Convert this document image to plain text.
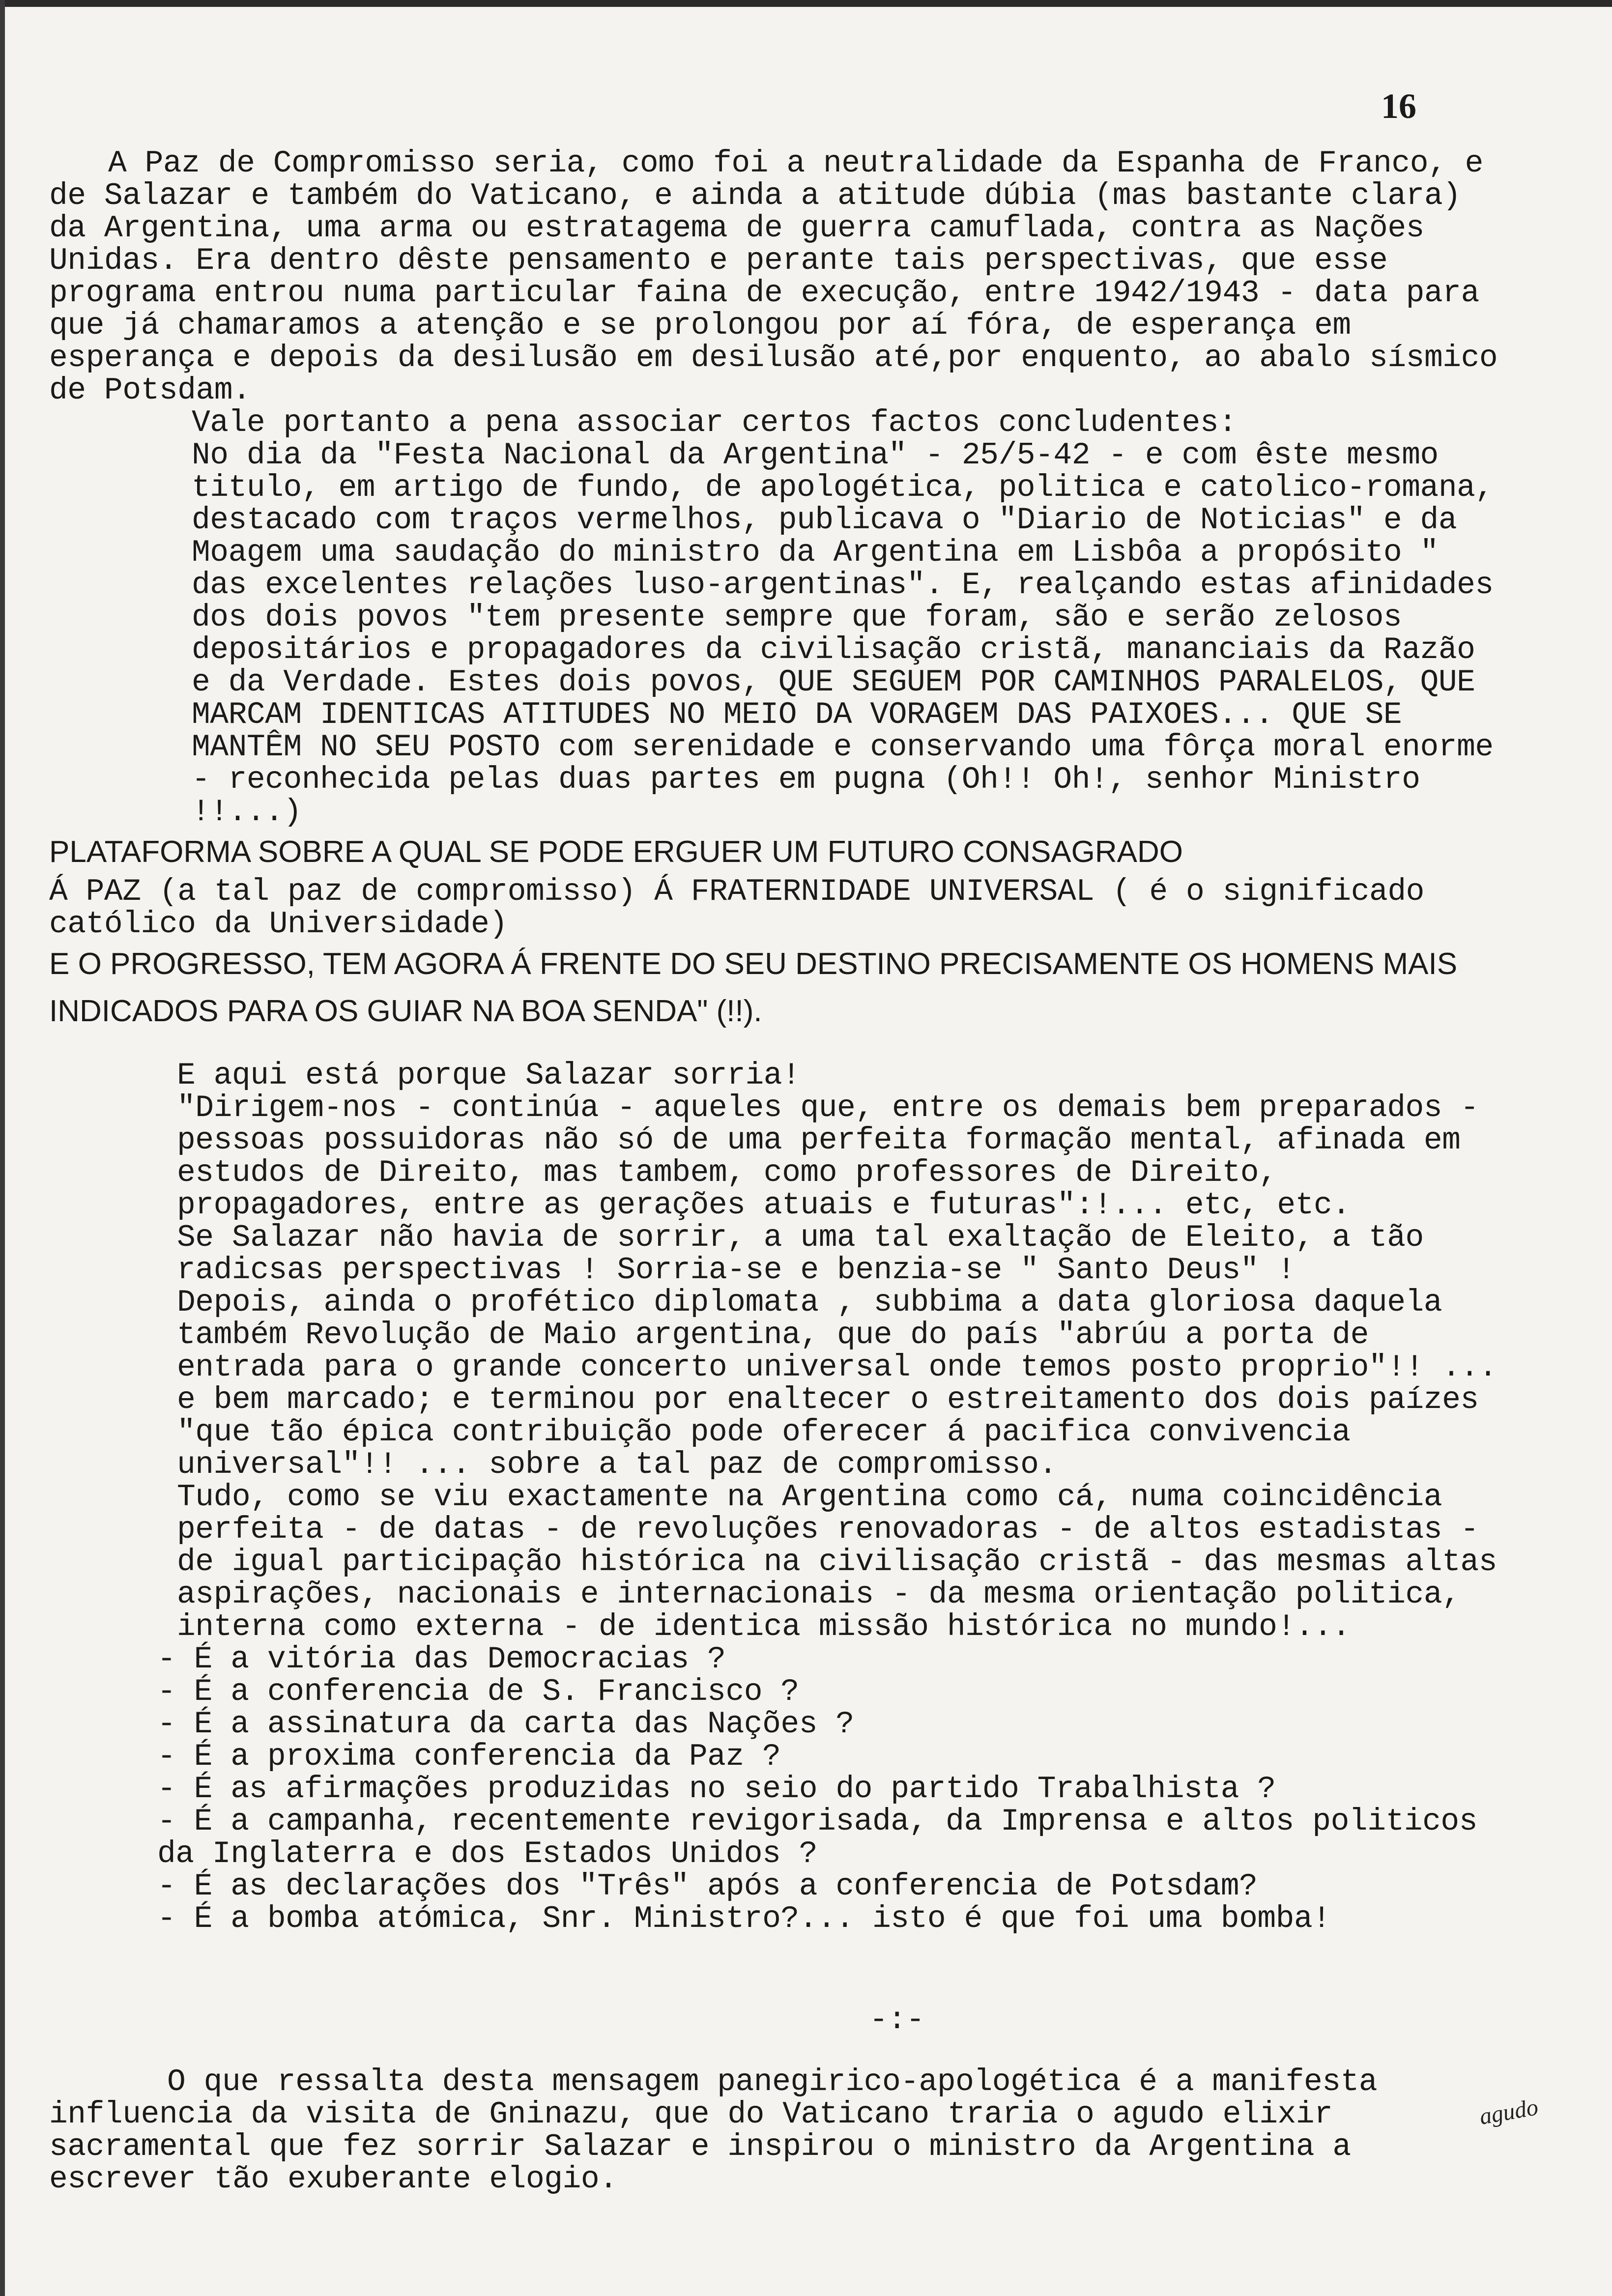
16

A Paz de Compromisso seria, como foi a neutralidade da Espanha de Franco, e de Salazar e também do Vaticano, e ainda a atitude dúbia (mas bastante clara) da Argentina, uma arma ou estratagema de guerra camuflada, contra as Nações Unidas. Era dentro dêste pensamento e perante tais perspectivas, que esse programa entrou numa particular faina de execução, entre 1942/1943 - data para que já chamaramos a atenção e se prolongou por aí fóra, de esperança em esperança e depois da desilusão em desilusão até,por enquento, ao abalo sísmico de Potsdam.

Vale portanto a pena associar certos factos concludentes:

No dia da "Festa Nacional da Argentina" - 25/5-42 - e com êste mesmo titulo, em artigo de fundo, de apologética, politica e catolico-romana, destacado com traços vermelhos, publicava o "Diario de Noticias" e da Moagem uma saudação do ministro da Argentina em Lisbôa a propósito " das excelentes relações luso-argentinas". E, realçando estas afinidades dos dois povos "tem presente sempre que foram, são e serão zelosos depositários e propagadores da civilisação cristã, mananciais da Razão e da Verdade. Estes dois povos, QUE SEGUEM POR CAMINHOS PARALELOS, QUE MARCAM IDENTICAS ATITUDES NO MEIO DA VORAGEM DAS PAIXOES... QUE SE MANTÊM NO SEU POSTO com serenidade e conservando uma fôrça moral enorme - reconhecida pelas duas partes em pugna (Oh!! Oh!, senhor Ministro !!...)

PLATAFORMA SOBRE A QUAL SE PODE ERGUER UM FUTURO CONSAGRADO

Á PAZ (a tal paz de compromisso) Á FRATERNIDADE UNIVERSAL ( é o significado católico da Universidade)

E O PROGRESSO, TEM AGORA Á FRENTE DO SEU DESTINO PRECISAMENTE OS HOMENS MAIS INDICADOS PARA OS GUIAR NA BOA SENDA" (!!).

E aqui está porque Salazar sorria!

"Dirigem-nos - continúa - aqueles que, entre os demais bem preparados - pessoas possuidoras não só de uma perfeita formação mental, afinada em estudos de Direito, mas tambem, como professores de Direito, propagadores, entre as gerações atuais e futuras":!... etc, etc.

Se Salazar não havia de sorrir, a uma tal exaltação de Eleito, a tão radicsas perspectivas ! Sorria-se e benzia-se " Santo Deus" !

Depois, ainda o profético diplomata , subbima a data gloriosa daquela também Revolução de Maio argentina, que do país "abrúu a porta de entrada para o grande concerto universal onde temos posto proprio"!! ... e bem marcado; e terminou por enaltecer o estreitamento dos dois paízes "que tão épica contribuição pode oferecer á pacifica convivencia universal"!! ... sobre a tal paz de compromisso.

Tudo, como se viu exactamente na Argentina como cá, numa coincidência perfeita - de datas - de revoluções renovadoras - de altos estadistas - de igual participação histórica na civilisação cristã - das mesmas altas aspirações, nacionais e internacionais - da mesma orientação politica, interna como externa - de identica missão histórica no mundo!...

- É a vitória das Democracias ?

- É a conferencia de S. Francisco ?

- É a assinatura da carta das Nações ?

- É a proxima conferencia da Paz ?

- É as afirmações produzidas no seio do partido Trabalhista ?

- É a campanha, recentemente revigorisada, da Imprensa e altos politicos da Inglaterra e dos Estados Unidos ?

- É as declarações dos "Três" após a conferencia de Potsdam?

- É a bomba atómica, Snr. Ministro?... isto é que foi uma bomba!

-:-

O que ressalta desta mensagem panegirico-apologética é a manifesta influencia da visita de Gninazu, que do Vaticano traria o agudo elixir sacramental que fez sorrir Salazar e inspirou o ministro da Argentina a escrever tão exuberante elogio.

agudo
